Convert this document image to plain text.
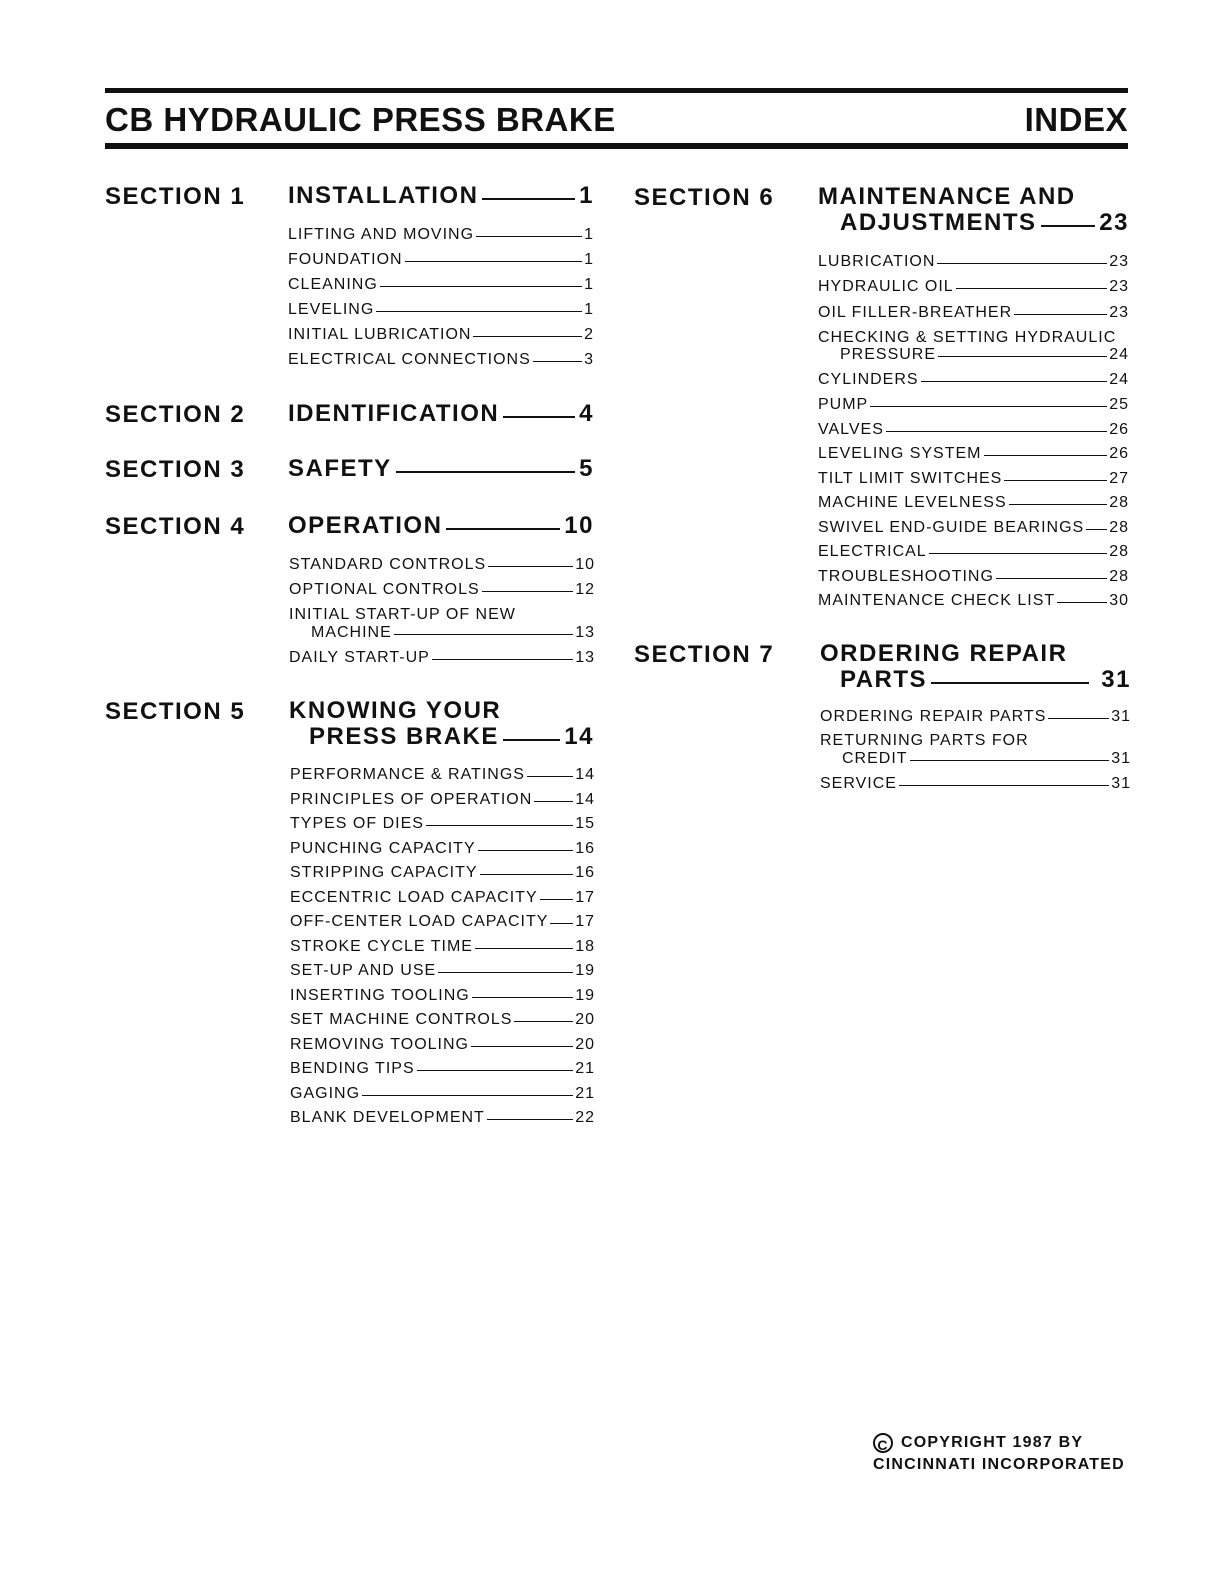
CB HYDRAULIC PRESS BRAKE	INDEX
SECTION 1 INSTALLATION	1
LIFTING AND MOVING	1
FOUNDATION	1
CLEANING	1
LEVELING	1
INITIAL LUBRICATION	2
ELECTRICAL CONNECTIONS	3
SECTION 2 IDENTIFICATION	4
SECTION 3 SAFETY	5
SECTION 4 OPERATION	10
STANDARD CONTROLS	10
OPTIONAL CONTROLS	12
INITIAL START-UP OF NEW
MACHINE	13
DAILY START-UP	13
SECTION 5 KNOWING YOUR
PRESS BRAKE	14
PERFORMANCE & RATINGS	14
PRINCIPLES OF OPERATION	14
TYPES OF DIES	15
PUNCHING CAPACITY	16
STRIPPING CAPACITY	16
ECCENTRIC LOAD CAPACITY 17
OFF-CENTER LOAD CAPACITY 17
STROKE CYCLE TIME	18
SET-UP AND USE	19
INSERTING TOOLING	19
SET MACHINE CONTROLS	20
REMOVING TOOLING	20
BENDING TIPS	21
GAGING	21
BLANK DEVELOPMENT	22
SECTION 6 MAINTENANCE AND
ADJUSTMENTS	23
LUBRICATION	23
HYDRAULIC OIL	23
OIL FILLER-BREATHER	23
CHECKING & SETTING HYDRAULIC
PRESSURE	24
CYLINDERS	24
PUMP	25
VALVES	26
LEVELING SYSTEM	26
TILT LIMIT SWITCHES	27
MACHINE LEVELNESS	28
SWIVEL END-GUIDE BEARINGS 28
ELECTRICAL	28
TROUBLESHOOTING	28
MAINTENANCE CHECK LIST	30
SECTION 7 ORDERING REPAIR
PARTS	31
ORDERING REPAIR PARTS	31
RETURNING PARTS FOR
CREDIT	31
SERVICE	31
C COPYRIGHT 1987 BY
CINCINNATI INCORPORATED
